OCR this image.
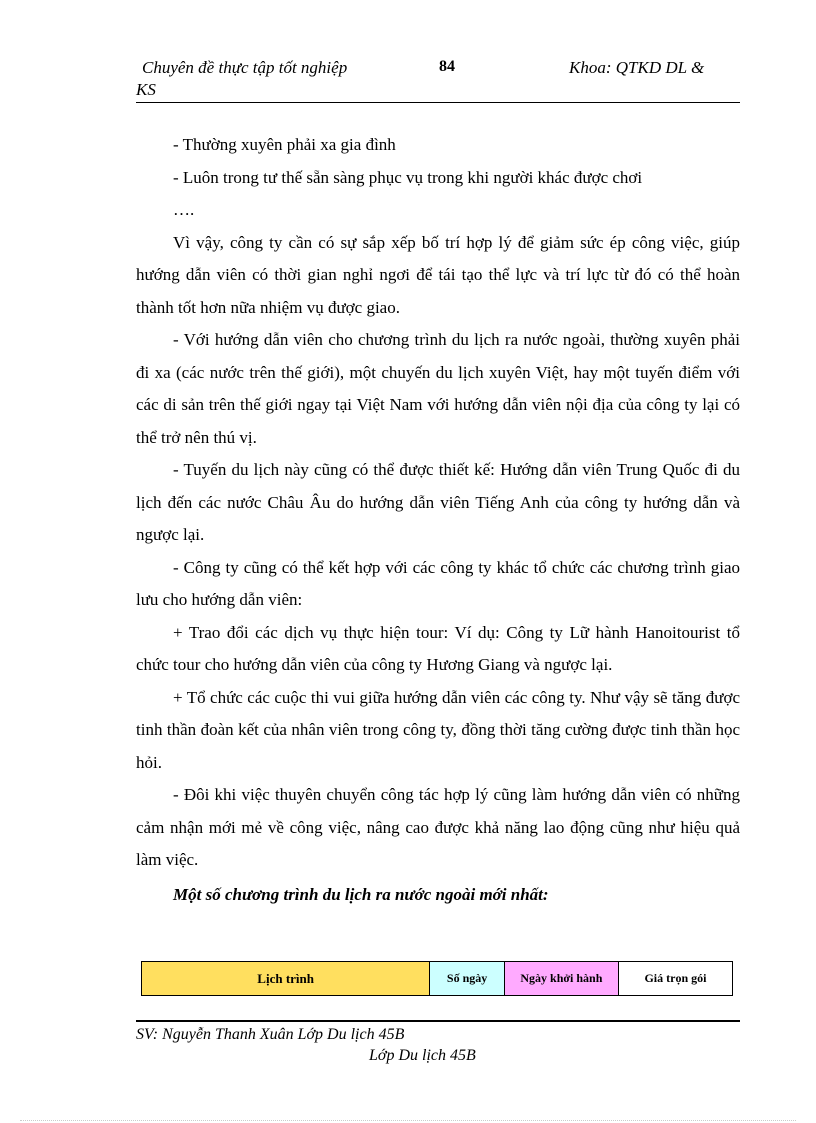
Chuyên đề thực tập tốt nghiệp	84	Khoa: QTKD DL &
KS

- Thường xuyên phải xa gia đình

- Luôn trong tư thế sẵn sàng phục vụ trong khi người khác được chơi

….

Vì vậy, công ty cần có sự sắp xếp bố trí hợp lý để giảm sức ép công việc, giúp hướng dẫn viên có thời gian nghỉ ngơi để tái tạo thể lực và trí lực từ đó có thể hoàn thành tốt hơn nữa nhiệm vụ được giao.

- Với hướng dẫn viên cho chương trình du lịch ra nước ngoài, thường xuyên phải đi xa (các nước trên thế giới), một chuyến du lịch xuyên Việt, hay một tuyến điểm với các di sản trên thế giới ngay tại Việt Nam với hướng dẫn viên nội địa của công ty lại có thể trở nên thú vị.

- Tuyến du lịch này cũng có thể được thiết kế: Hướng dẫn viên Trung Quốc đi du lịch đến các nước Châu Âu do hướng dẫn viên Tiếng Anh của công ty hướng dẫn và ngược lại.

- Công ty cũng có thể kết hợp với các công ty khác tổ chức các chương trình giao lưu cho hướng dẫn viên:

+ Trao đổi các dịch vụ thực hiện tour: Ví dụ: Công ty Lữ hành Hanoitourist tổ chức tour cho hướng dẫn viên của công ty Hương Giang và ngược lại.

+ Tổ chức các cuộc thi vui giữa hướng dẫn viên các công ty. Như vậy sẽ tăng được tinh thần đoàn kết của nhân viên trong công ty, đồng thời tăng cường được tinh thần học hỏi.

- Đôi khi việc thuyên chuyển công tác hợp lý cũng làm hướng dẫn viên có những cảm nhận mới mẻ về công việc, nâng cao được khả năng lao động cũng như hiệu quả làm việc.

Một số chương trình du lịch ra nước ngoài mới nhất:

Lịch trình	Số ngày	Ngày khởi hành	Giá trọn gói
SV: Nguyễn Thanh Xuân Lớp Du lịch 45B
Lớp Du lịch 45B
